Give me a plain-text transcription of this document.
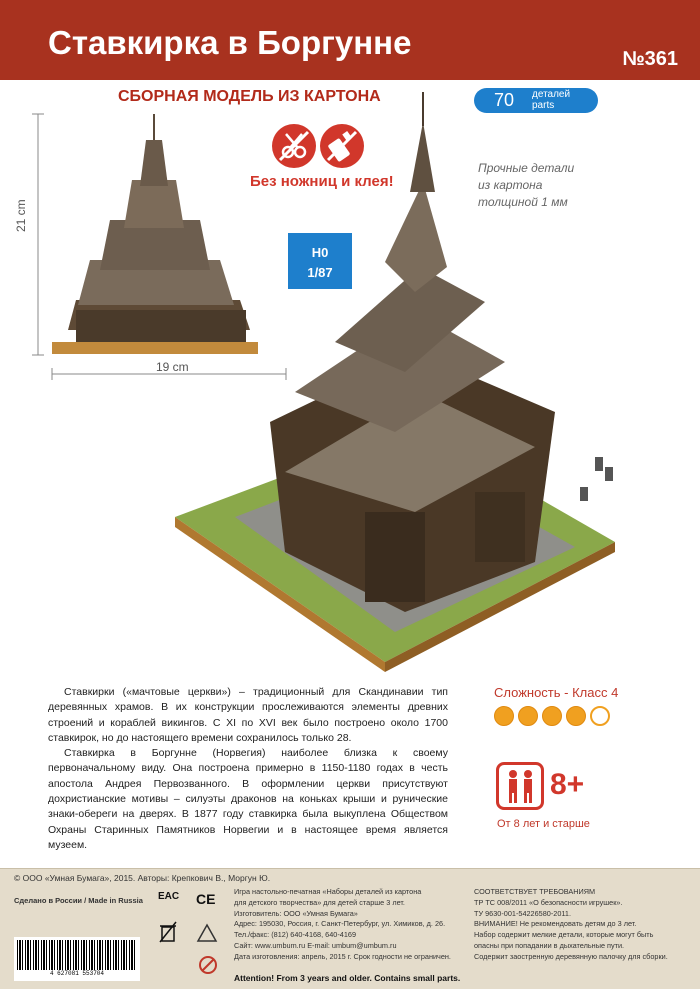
Ставкирка в Боргунне	№361
СБОРНАЯ МОДЕЛЬ ИЗ КАРТОНА	70 деталей
parts
Без ножниц и клея!
H0
1/87
Прочные детали
из картона
толщиной 1 мм
21 cm
19 cm

Ставкирки («мачтовые церкви») – традиционный для Скандинавии тип деревянных храмов. В их конструкции прослеживаются элементы древних строений и кораблей викингов. С XI по XVI век было построено около 1700 ставкирок, но до настоящего времени сохранилось только 28.

Ставкирка в Боргунне (Норвегия) наиболее близка к своему первоначальному виду. Она построена примерно в 1150-1180 годах в честь апостола Андрея Первозванного. В оформлении церкви присутствуют дохристианские мотивы – силуэты драконов на коньках крыши и рунические знаки-обереги на дверях. В 1877 году ставкирка была выкуплена Обществом Охраны Старинных Памятников Норвегии и в настоящее время является музеем.

Сложность - Класс 4
8+
От 8 лет и старше
© ООО «Умная Бумага», 2015. Авторы: Крепкович В., Моргун Ю.
Сделано в России / Made in Russia
4 627081 553704
EAC CE	Игра настольно-печатная «Наборы деталей из картона
для детского творчества» для детей старше 3 лет.
Изготовитель: ООО «Умная Бумага»
Адрес: 195030, Россия, г. Санкт-Петербург, ул. Химиков, д. 26.
Тел./факс: (812) 640-4168, 640-4169
Сайт: www.umbum.ru E-mail: umbum@umbum.ru
Дата изготовления: апрель, 2015 г. Срок годности не ограничен.
СООТВЕТСТВУЕТ ТРЕБОВАНИЯМ
ТР ТС 008/2011 «О безопасности игрушек».
ТУ 9630-001-54226580-2011.
ВНИМАНИЕ! Не рекомендовать детям до 3 лет.
Набор содержит мелкие детали, которые могут быть
опасны при попадании в дыхательные пути.
Содержит заостренную деревянную палочку для сборки.
Attention! From 3 years and older. Contains small parts.
